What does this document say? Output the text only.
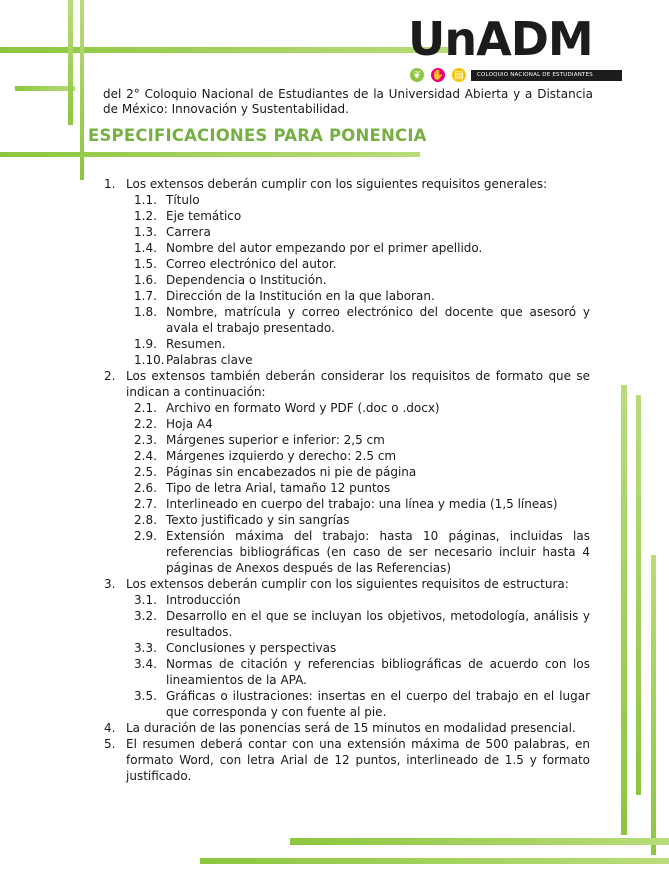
UnADM
❦	✋	▤	COLOQUIO NACIONAL DE ESTUDIANTES
del 2° Coloquio Nacional de Estudiantes de la Universidad Abierta y a Distancia de México: Innovación y Sustentabilidad.
ESPECIFICACIONES PARA PONENCIA
1. Los extensos deberán cumplir con los siguientes requisitos generales:
1.1. Título
1.2. Eje temático
1.3. Carrera
1.4. Nombre del autor empezando por el primer apellido.
1.5. Correo electrónico del autor.
1.6. Dependencia o Institución.
1.7. Dirección de la Institución en la que laboran.
1.8. Nombre, matrícula y correo electrónico del docente que asesoró y avala el trabajo presentado.
1.9. Resumen.
1.10. Palabras clave
2. Los extensos también deberán considerar los requisitos de formato que se indican a continuación:
2.1. Archivo en formato Word y PDF (.doc o .docx)
2.2. Hoja A4
2.3. Márgenes superior e inferior: 2,5 cm
2.4. Márgenes izquierdo y derecho: 2.5 cm
2.5. Páginas sin encabezados ni pie de página
2.6. Tipo de letra Arial, tamaño 12 puntos
2.7. Interlineado en cuerpo del trabajo: una línea y media (1,5 líneas)
2.8. Texto justificado y sin sangrías
2.9. Extensión máxima del trabajo: hasta 10 páginas, incluidas las referencias bibliográficas (en caso de ser necesario incluir hasta 4 páginas de Anexos después de las Referencias)
3. Los extensos deberán cumplir con los siguientes requisitos de estructura:
3.1. Introducción
3.2. Desarrollo en el que se incluyan los objetivos, metodología, análisis y resultados.
3.3. Conclusiones y perspectivas
3.4. Normas de citación y referencias bibliográficas de acuerdo con los lineamientos de la APA.
3.5. Gráficas o ilustraciones: insertas en el cuerpo del trabajo en el lugar que corresponda y con fuente al pie.
4. La duración de las ponencias será de 15 minutos en modalidad presencial.
5. El resumen deberá contar con una extensión máxima de 500 palabras, en formato Word, con letra Arial de 12 puntos, interlineado de 1.5 y formato justificado.
